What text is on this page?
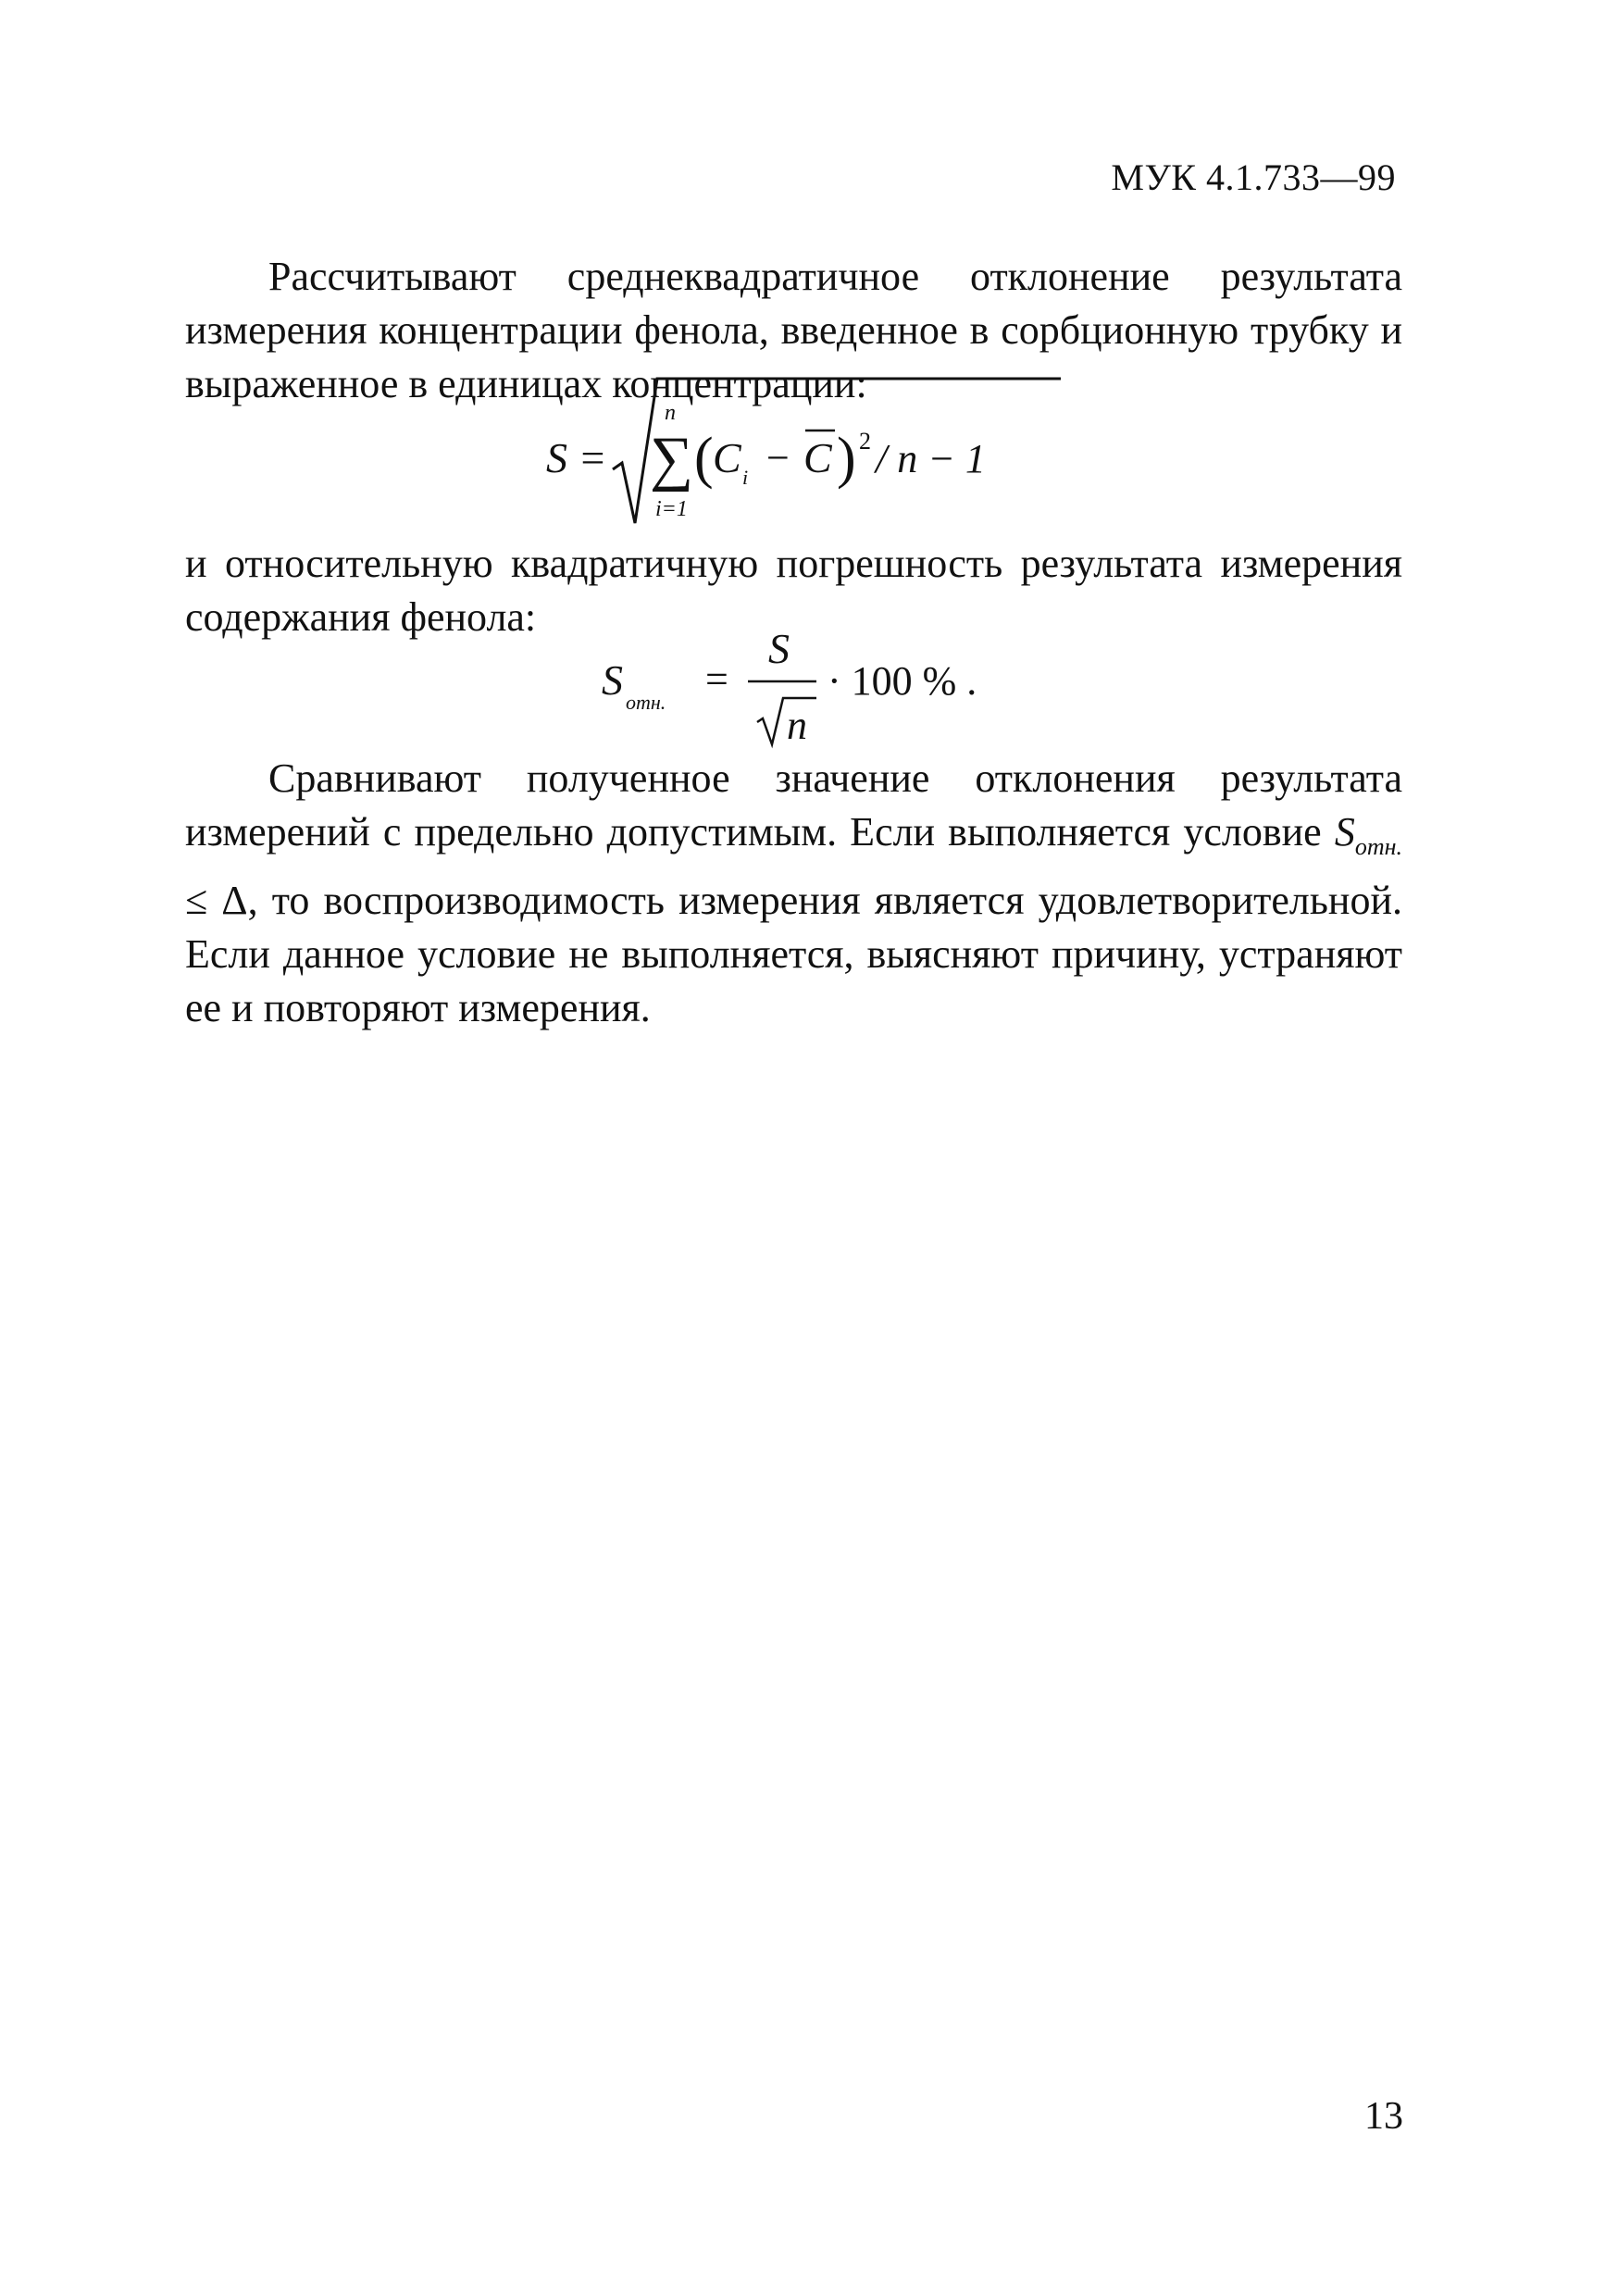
МУК 4.1.733—99

Рассчитывают среднеквадратичное отклонение результата измерения концентрации фенола, введенное в сорбционную трубку и выраженное в единицах концентрации:

S =
n
∑
i=1
( C i − C ) 2 / n − 1

и относительную квадратичную погрешность результата измерения содержания фенола:

S отн.
=
S
n
· 100 % .

Сравнивают полученное значение отклонения результата измерений с предельно допустимым. Если выполняется условие $S_{отн.} \le \Delta$, то воспроизводимость измерения является удовлетворительной. Если данное условие не выполняется, выясняют причину, устраняют ее и повторяют измерения.

13
